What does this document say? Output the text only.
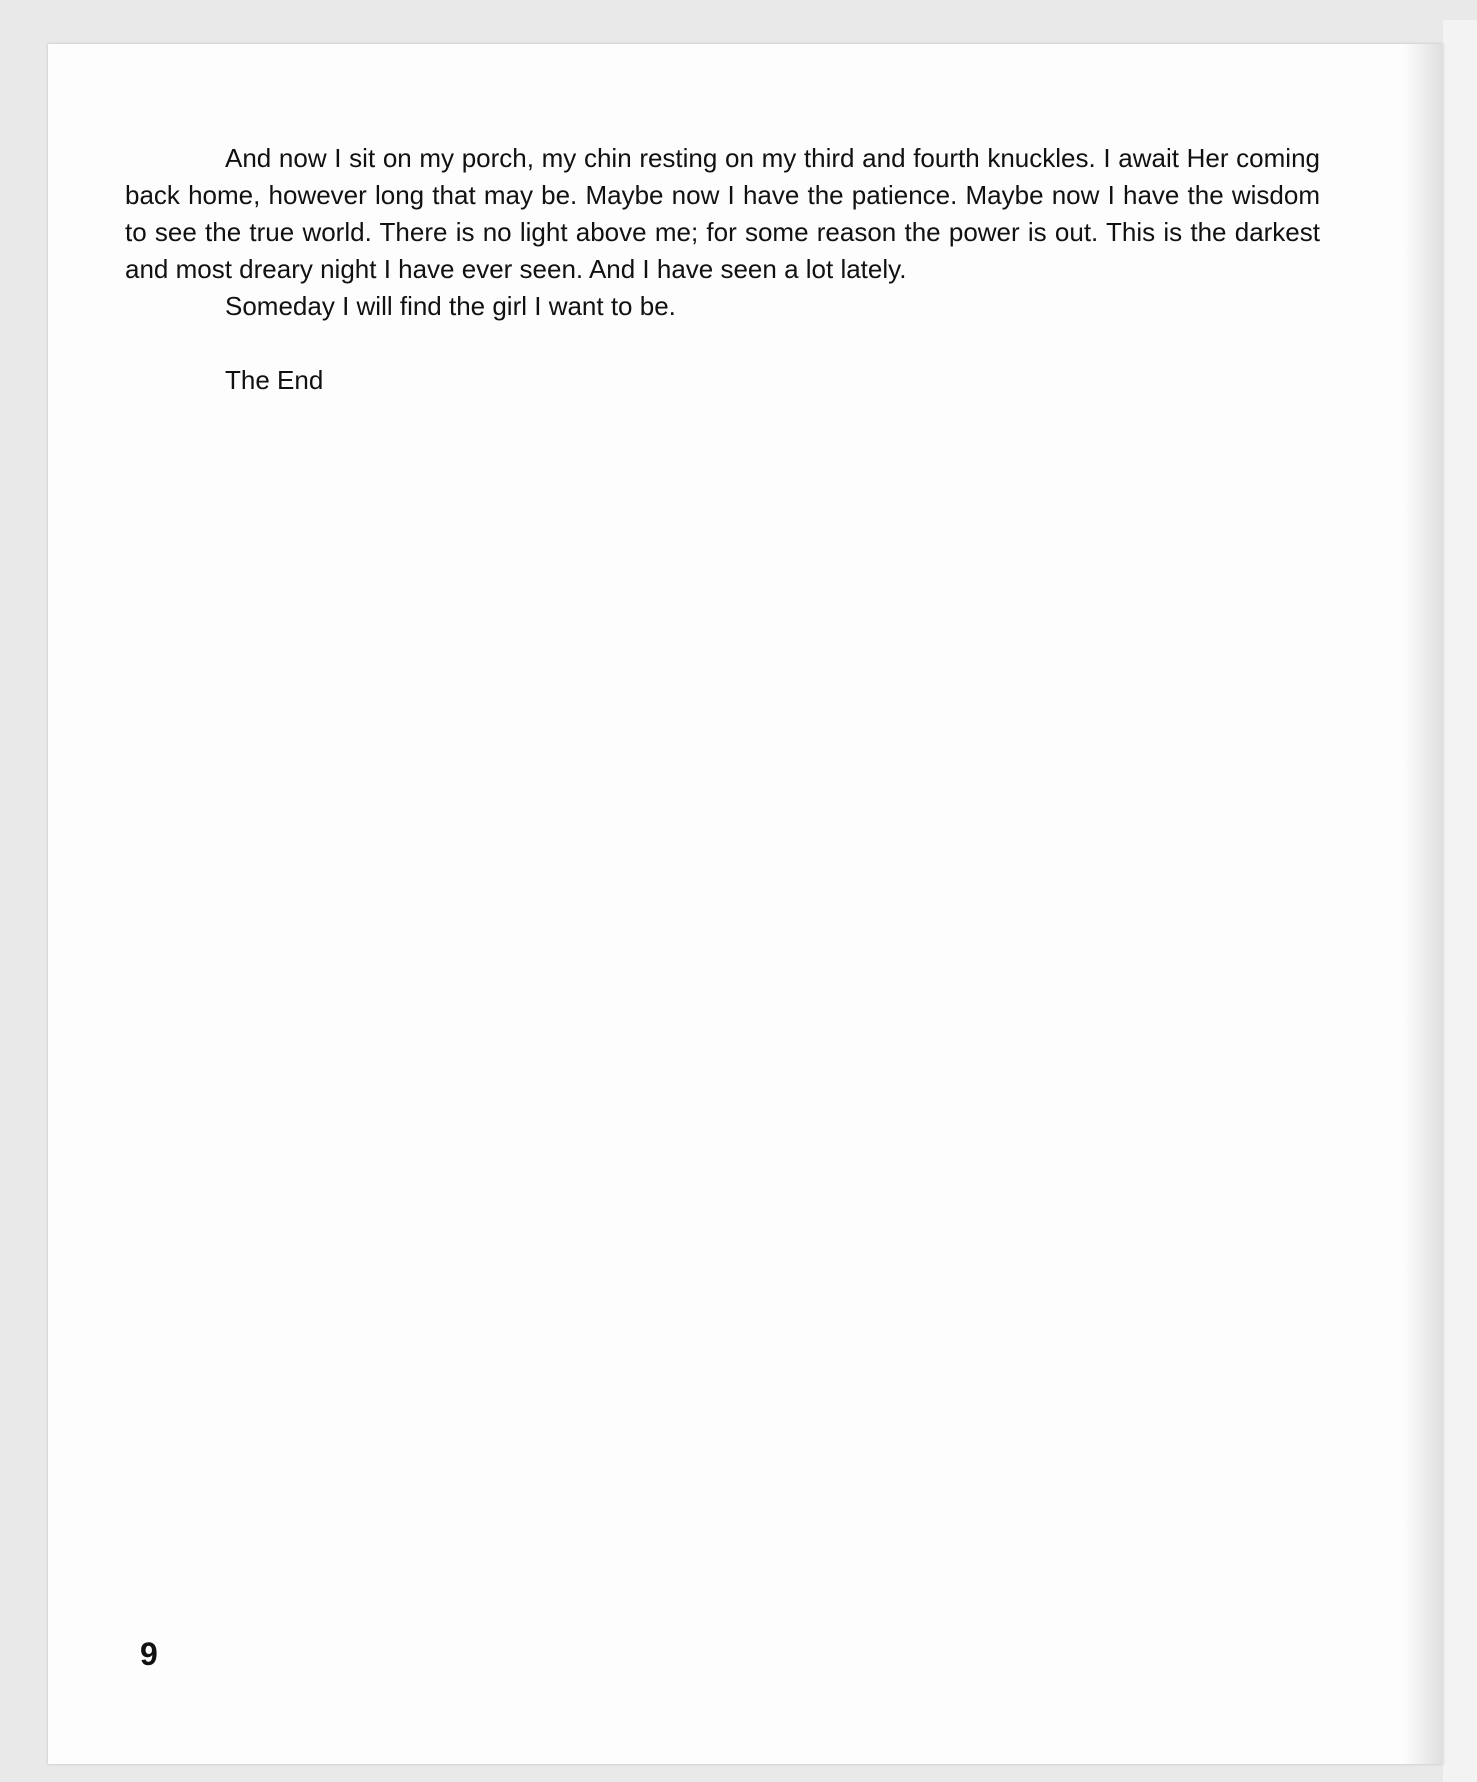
And now I sit on my porch, my chin resting on my third and fourth knuckles. I await Her coming back home, however long that may be. Maybe now I have the patience. Maybe now I have the wisdom to see the true world. There is no light above me; for some reason the power is out. This is the darkest and most dreary night I have ever seen. And I have seen a lot lately.

Someday I will find the girl I want to be.

The End

9
